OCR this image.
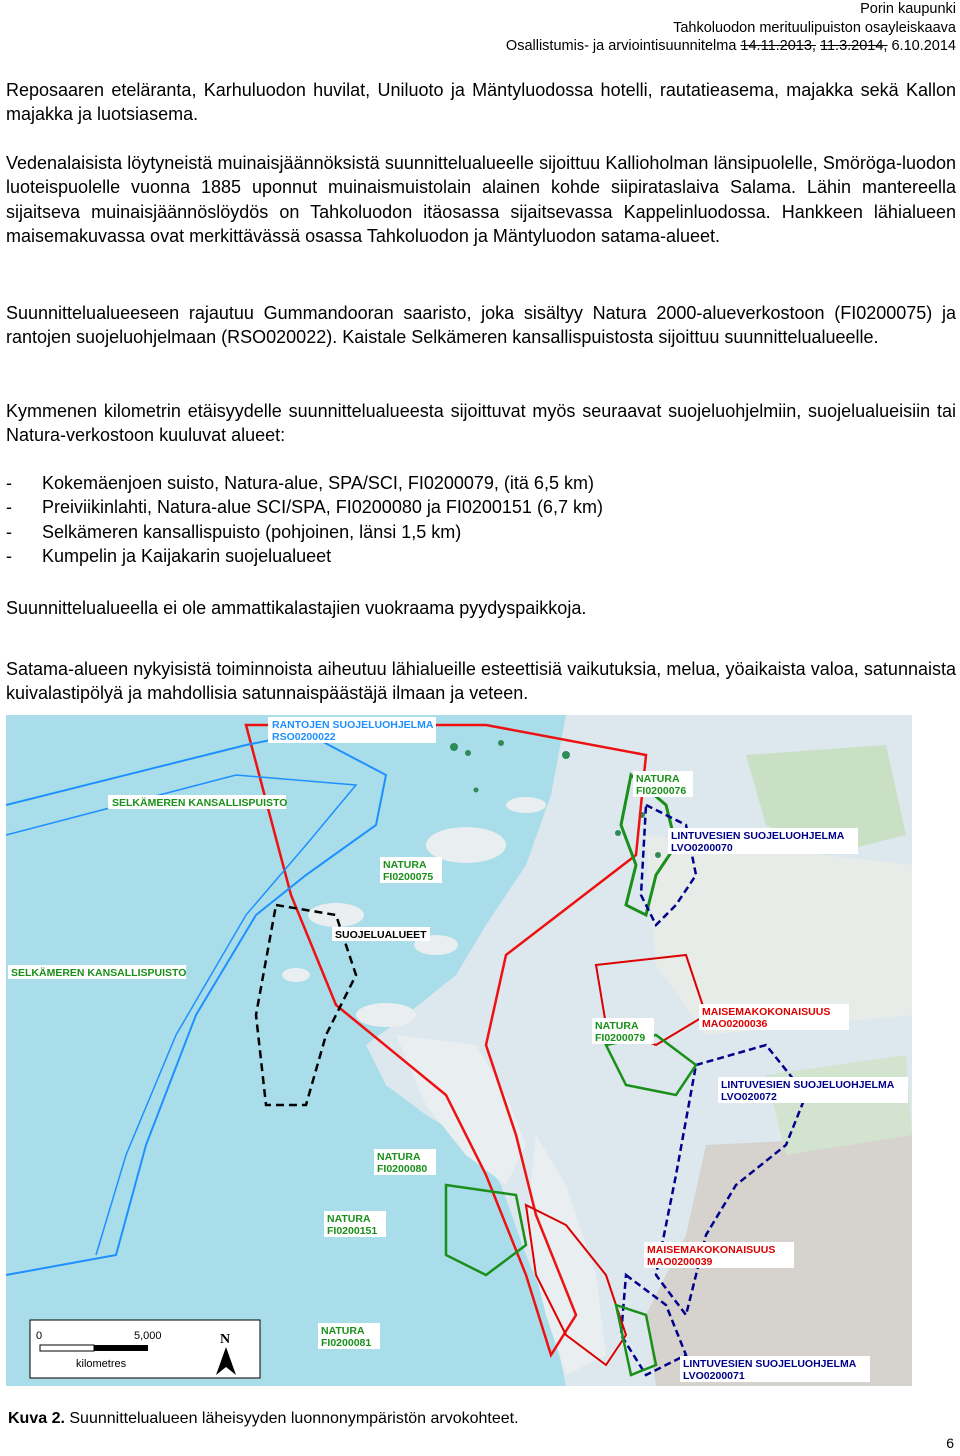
Porin kaupunki
Tahkoluodon merituulipuiston osayleiskaava
Osallistumis- ja arviointisuunnitelma 14.11.2013, 11.3.2014, 6.10.2014
Reposaaren eteläranta, Karhuluodon huvilat, Uniluoto ja Mäntyluodossa hotelli, rautatieasema, majakka sekä Kallon majakka ja luotsiasema.
Vedenalaisista löytyneistä muinaisjäännöksistä suunnittelualueelle sijoittuu Kallioholman länsipuolelle, Smöröga-luodon luoteispuolelle vuonna 1885 uponnut muinaismuistolain alainen kohde siipirataslaiva Salama. Lähin mantereella sijaitseva muinaisjäännöslöydös on Tahkoluodon itäosassa sijaitsevassa Kappelinluodossa. Hankkeen lähialueen maisemakuvassa ovat merkittävässä osassa Tahkoluodon ja Mäntyluodon satama-alueet.
Suunnittelualueeseen rajautuu Gummandooran saaristo, joka sisältyy Natura 2000-alueverkostoon (FI0200075) ja rantojen suojeluohjelmaan (RSO020022). Kaistale Selkämeren kansallispuistosta sijoittuu suunnittelualueelle.
Kymmenen kilometrin etäisyydelle suunnittelualueesta sijoittuvat myös seuraavat suojeluohjelmiin, suojelualueisiin tai Natura-verkostoon kuuluvat alueet:
-	Kokemäenjoen suisto, Natura-alue, SPA/SCI, FI0200079, (itä 6,5 km)
-	Preiviikinlahti, Natura-alue SCI/SPA, FI0200080 ja FI0200151 (6,7 km)
-	Selkämeren kansallispuisto (pohjoinen, länsi 1,5 km)
-	Kumpelin ja Kaijakarin suojelualueet
Suunnittelualueella ei ole ammattikalastajien vuokraama pyydyspaikkoja.
Satama-alueen nykyisistä toiminnoista aiheutuu lähialueille esteettisiä vaikutuksia, melua, yöaikaista valoa, satunnaista kuivalastipölyä ja mahdollisia satunnaispäästäjä ilmaan ja veteen.
RANTOJEN SUOJELUOHJELMA
RSO0200022
SELKÄMEREN KANSALLISPUISTO
NATURA
FI0200076
LINTUVESIEN SUOJELUOHJELMA
LVO0200070
NATURA
FI0200075
SUOJELUALUEET
SELKÄMEREN KANSALLISPUISTO
MAISEMAKOKONAISUUS
MAO0200036
NATURA
FI0200079
LINTUVESIEN SUOJELUOHJELMA
LVO020072
NATURA
FI0200080
NATURA
FI0200151
MAISEMAKOKONAISUUS
MAO0200039
NATURA
FI0200081
LINTUVESIEN SUOJELUOHJELMA
LVO0200071
0	5,000
kilometres
N
Kuva 2. Suunnittelualueen läheisyyden luonnonympäristön arvokohteet.
6
